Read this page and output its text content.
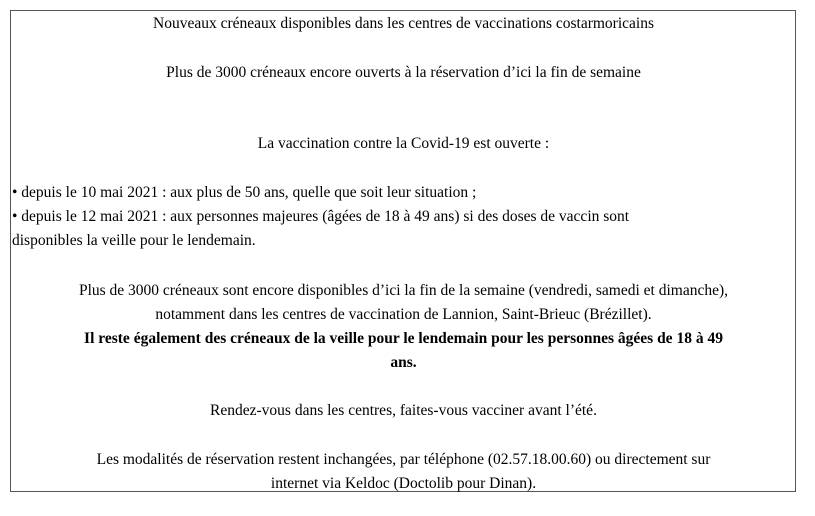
Nouveaux créneaux disponibles dans les centres de vaccinations costarmoricains
Plus de 3000 créneaux encore ouverts à la réservation d’ici la fin de semaine
La vaccination contre la Covid-19 est ouverte :
• depuis le 10 mai 2021 : aux plus de 50 ans, quelle que soit leur situation ;
• depuis le 12 mai 2021 : aux personnes majeures (âgées de 18 à 49 ans) si des doses de vaccin sont
disponibles la veille pour le lendemain.
Plus de 3000 créneaux sont encore disponibles d’ici la fin de la semaine (vendredi, samedi et dimanche),
notamment dans les centres de vaccination de Lannion, Saint-Brieuc (Brézillet).
Il reste également des créneaux de la veille pour le lendemain pour les personnes âgées de 18 à 49
ans.
Rendez-vous dans les centres, faites-vous vacciner avant l’été.
Les modalités de réservation restent inchangées, par téléphone (02.57.18.00.60) ou directement sur
internet via Keldoc (Doctolib pour Dinan).
